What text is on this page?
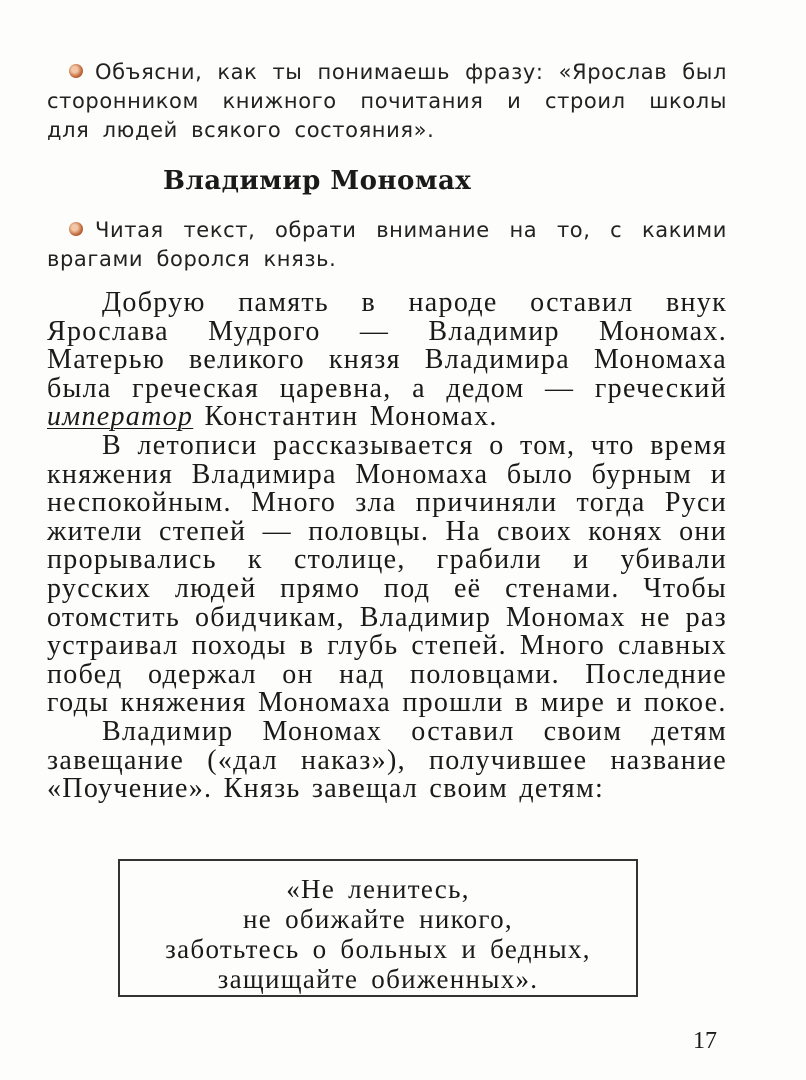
Объясни, как ты понимаешь фразу: «Ярослав был сторонником книжного почитания и строил школы для людей всякого состояния».
Владимир Мономах
Читая текст, обрати внимание на то, с какими врагами боролся князь.

Добрую память в народе оставил внук Ярослава Мудрого — Владимир Мономах. Матерью великого князя Владимира Мономаха была греческая царевна, а дедом — греческий император Константин Мономах.

В летописи рассказывается о том, что время княжения Владимира Мономаха было бурным и неспокойным. Много зла причиняли тогда Руси жители степей — половцы. На своих конях они прорывались к столице, грабили и убивали русских людей прямо под её стенами. Чтобы отомстить обидчикам, Владимир Мономах не раз устраивал походы в глубь степей. Много славных побед одержал он над половцами. Последние годы княжения Мономаха прошли в мире и покое.

Владимир Мономах оставил своим детям завещание («дал наказ»), получившее название «Поучение». Князь завещал своим детям:

«Не ленитесь,
не обижайте никого,
заботьтесь о больных и бедных,
защищайте обиженных».
17
